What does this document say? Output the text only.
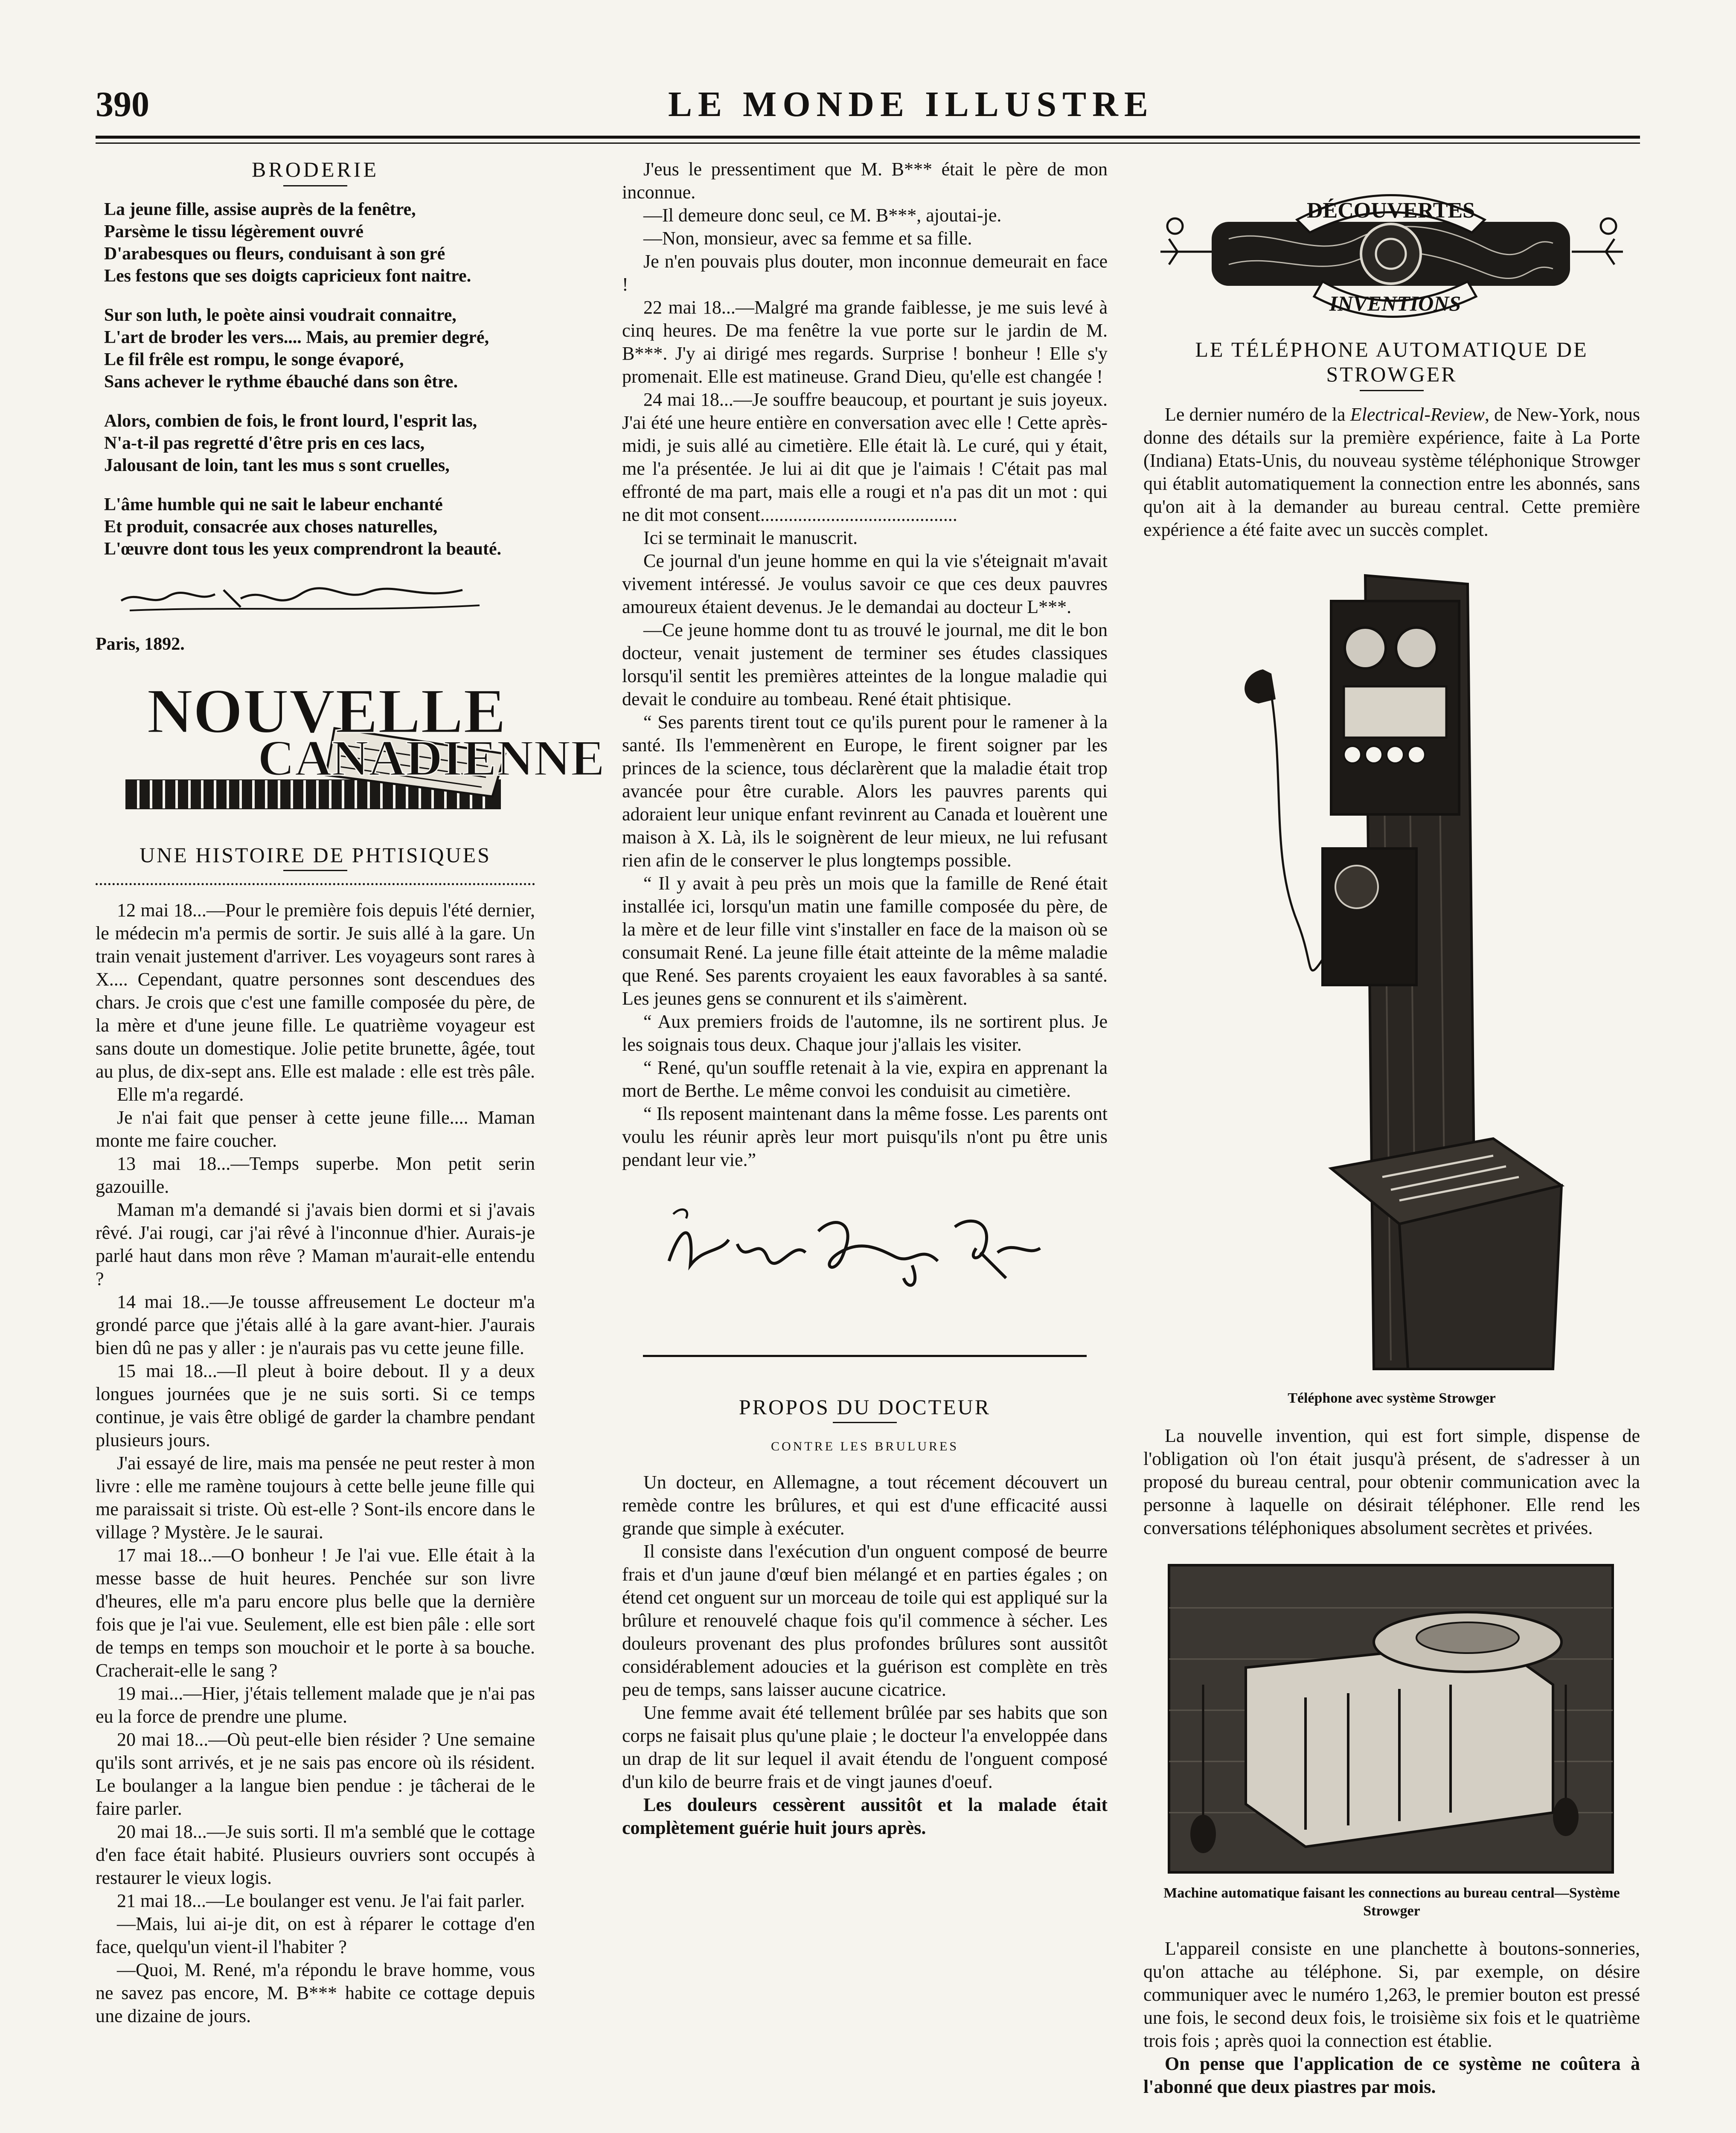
390	LE MONDE ILLUSTRE
BRODERIE

La jeune fille, assise auprès de la fenêtre,

Parsème le tissu légèrement ouvré

D'arabesques ou fleurs, conduisant à son gré

Les festons que ses doigts capricieux font naitre.

Sur son luth, le poète ainsi voudrait connaitre,

L'art de broder les vers.... Mais, au premier degré,

Le fil frêle est rompu, le songe évaporé,

Sans achever le rythme ébauché dans son être.

Alors, combien de fois, le front lourd, l'esprit las,

N'a-t-il pas regretté d'être pris en ces lacs,

Jalousant de loin, tant les mus s sont cruelles,

L'âme humble qui ne sait le labeur enchanté

Et produit, consacrée aux choses naturelles,

L'œuvre dont tous les yeux comprendront la beauté.

Paris, 1892.
NOUVELLE
CANADIENNE
UNE HISTOIRE DE PHTISIQUES

12 mai 18...—Pour le première fois depuis l'été dernier, le médecin m'a permis de sortir. Je suis allé à la gare. Un train venait justement d'arriver. Les voyageurs sont rares à X.... Cependant, quatre personnes sont descendues des chars. Je crois que c'est une famille composée du père, de la mère et d'une jeune fille. Le quatrième voyageur est sans doute un domestique. Jolie petite brunette, âgée, tout au plus, de dix-sept ans. Elle est malade : elle est très pâle.

Elle m'a regardé.

Je n'ai fait que penser à cette jeune fille.... Maman monte me faire coucher.

13 mai 18...—Temps superbe. Mon petit serin gazouille.

Maman m'a demandé si j'avais bien dormi et si j'avais rêvé. J'ai rougi, car j'ai rêvé à l'inconnue d'hier. Aurais-je parlé haut dans mon rêve ? Maman m'aurait-elle entendu ?

14 mai 18..—Je tousse affreusement Le docteur m'a grondé parce que j'étais allé à la gare avant-hier. J'aurais bien dû ne pas y aller : je n'aurais pas vu cette jeune fille.

15 mai 18...—Il pleut à boire debout. Il y a deux longues journées que je ne suis sorti. Si ce temps continue, je vais être obligé de garder la chambre pendant plusieurs jours.

J'ai essayé de lire, mais ma pensée ne peut rester à mon livre : elle me ramène toujours à cette belle jeune fille qui me paraissait si triste. Où est-elle ? Sont-ils encore dans le village ? Mystère. Je le saurai.

17 mai 18...—O bonheur ! Je l'ai vue. Elle était à la messe basse de huit heures. Penchée sur son livre d'heures, elle m'a paru encore plus belle que la dernière fois que je l'ai vue. Seulement, elle est bien pâle : elle sort de temps en temps son mouchoir et le porte à sa bouche. Cracherait-elle le sang ?

19 mai...—Hier, j'étais tellement malade que je n'ai pas eu la force de prendre une plume.

20 mai 18...—Où peut-elle bien résider ? Une semaine qu'ils sont arrivés, et je ne sais pas encore où ils résident. Le boulanger a la langue bien pendue : je tâcherai de le faire parler.

20 mai 18...—Je suis sorti. Il m'a semblé que le cottage d'en face était habité. Plusieurs ouvriers sont occupés à restaurer le vieux logis.

21 mai 18...—Le boulanger est venu. Je l'ai fait parler.

—Mais, lui ai-je dit, on est à réparer le cottage d'en face, quelqu'un vient-il l'habiter ?

—Quoi, M. René, m'a répondu le brave homme, vous ne savez pas encore, M. B*** habite ce cottage depuis une dizaine de jours.

J'eus le pressentiment que M. B*** était le père de mon inconnue.

—Il demeure donc seul, ce M. B***, ajoutai-je.

—Non, monsieur, avec sa femme et sa fille.

Je n'en pouvais plus douter, mon inconnue demeurait en face !

22 mai 18...—Malgré ma grande faiblesse, je me suis levé à cinq heures. De ma fenêtre la vue porte sur le jardin de M. B***. J'y ai dirigé mes regards. Surprise ! bonheur ! Elle s'y promenait. Elle est matineuse. Grand Dieu, qu'elle est changée !

24 mai 18...—Je souffre beaucoup, et pourtant je suis joyeux. J'ai été une heure entière en conversation avec elle ! Cette après-midi, je suis allé au cimetière. Elle était là. Le curé, qui y était, me l'a présentée. Je lui ai dit que je l'aimais ! C'était pas mal effronté de ma part, mais elle a rougi et n'a pas dit un mot : qui ne dit mot consent..........................................

Ici se terminait le manuscrit.

Ce journal d'un jeune homme en qui la vie s'éteignait m'avait vivement intéressé. Je voulus savoir ce que ces deux pauvres amoureux étaient devenus. Je le demandai au docteur L***.

—Ce jeune homme dont tu as trouvé le journal, me dit le bon docteur, venait justement de terminer ses études classiques lorsqu'il sentit les premières atteintes de la longue maladie qui devait le conduire au tombeau. René était phtisique.

“ Ses parents tirent tout ce qu'ils purent pour le ramener à la santé. Ils l'emmenèrent en Europe, le firent soigner par les princes de la science, tous déclarèrent que la maladie était trop avancée pour être curable. Alors les pauvres parents qui adoraient leur unique enfant revinrent au Canada et louèrent une maison à X. Là, ils le soignèrent de leur mieux, ne lui refusant rien afin de le conserver le plus longtemps possible.

“ Il y avait à peu près un mois que la famille de René était installée ici, lorsqu'un matin une famille composée du père, de la mère et de leur fille vint s'installer en face de la maison où se consumait René. La jeune fille était atteinte de la même maladie que René. Ses parents croyaient les eaux favorables à sa santé. Les jeunes gens se connurent et ils s'aimèrent.

“ Aux premiers froids de l'automne, ils ne sortirent plus. Je les soignais tous deux. Chaque jour j'allais les visiter.

“ René, qu'un souffle retenait à la vie, expira en apprenant la mort de Berthe. Le même convoi les conduisit au cimetière.

“ Ils reposent maintenant dans la même fosse. Les parents ont voulu les réunir après leur mort puisqu'ils n'ont pu être unis pendant leur vie.”

PROPOS DU DOCTEUR
CONTRE LES BRULURES

Un docteur, en Allemagne, a tout récement découvert un remède contre les brûlures, et qui est d'une efficacité aussi grande que simple à exécuter.

Il consiste dans l'exécution d'un onguent composé de beurre frais et d'un jaune d'œuf bien mélangé et en parties égales ; on étend cet onguent sur un morceau de toile qui est appliqué sur la brûlure et renouvelé chaque fois qu'il commence à sécher. Les douleurs provenant des plus profondes brûlures sont aussitôt considérablement adoucies et la guérison est complète en très peu de temps, sans laisser aucune cicatrice.

Une femme avait été tellement brûlée par ses habits que son corps ne faisait plus qu'une plaie ; le docteur l'a enveloppée dans un drap de lit sur lequel il avait étendu de l'onguent composé d'un kilo de beurre frais et de vingt jaunes d'oeuf.

Les douleurs cessèrent aussitôt et la malade était complètement guérie huit jours après.

DÉCOUVERTES
INVENTIONS
LE TÉLÉPHONE AUTOMATIQUE DE STROWGER

Le dernier numéro de la Electrical-Review, de New-York, nous donne des détails sur la première expérience, faite à La Porte (Indiana) Etats-Unis, du nouveau système téléphonique Strowger qui établit automatiquement la connection entre les abonnés, sans qu'on ait à la demander au bureau central. Cette première expérience a été faite avec un succès complet.

Téléphone avec système Strowger

La nouvelle invention, qui est fort simple, dispense de l'obligation où l'on était jusqu'à présent, de s'adresser à un proposé du bureau central, pour obtenir communication avec la personne à laquelle on désirait téléphoner. Elle rend les conversations téléphoniques absolument secrètes et privées.

Machine automatique faisant les connections au bureau central—Système Strowger

L'appareil consiste en une planchette à boutons-sonneries, qu'on attache au téléphone. Si, par exemple, on désire communiquer avec le numéro 1,263, le premier bouton est pressé une fois, le second deux fois, le troisième six fois et le quatrième trois fois ; après quoi la connection est établie.

On pense que l'application de ce système ne coûtera à l'abonné que deux piastres par mois.
